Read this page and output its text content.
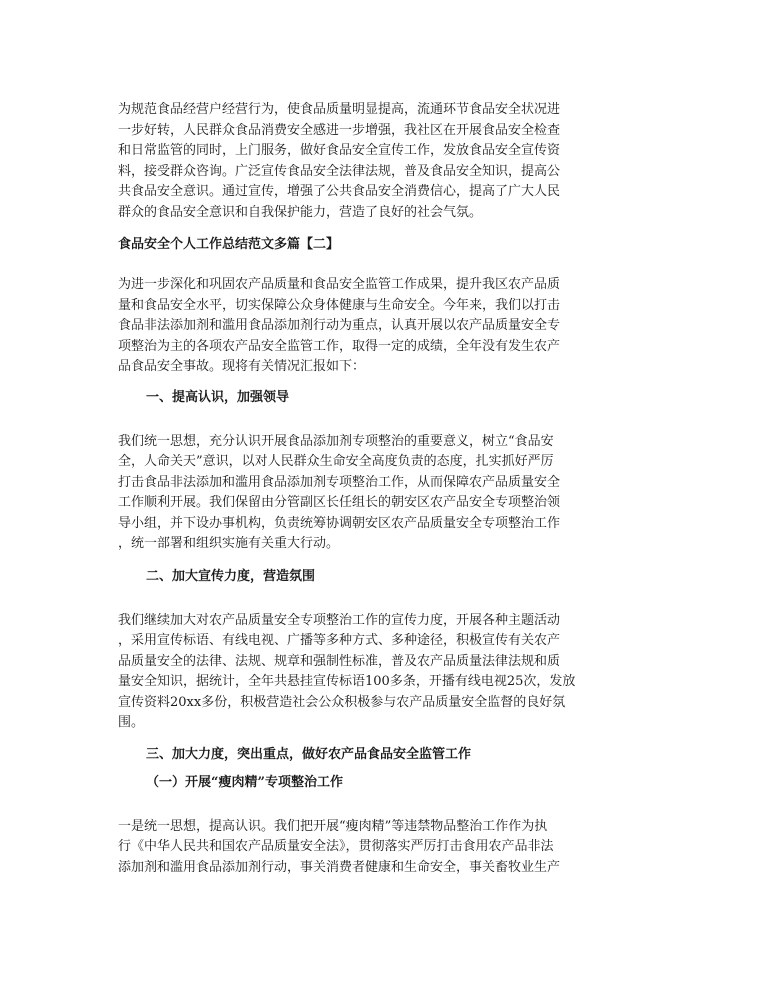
为规范食品经营户经营行为，使食品质量明显提高，流通环节食品安全状况进
一步好转，人民群众食品消费安全感进一步增强，我社区在开展食品安全检查
和日常监管的同时，上门服务，做好食品安全宣传工作，发放食品安全宣传资
料，接受群众咨询。广泛宣传食品安全法律法规，普及食品安全知识，提高公
共食品安全意识。通过宣传，增强了公共食品安全消费信心，提高了广大人民
群众的食品安全意识和自我保护能力，营造了良好的社会气氛。

食品安全个人工作总结范文多篇【二】

为进一步深化和巩固农产品质量和食品安全监管工作成果，提升我区农产品质
量和食品安全水平，切实保障公众身体健康与生命安全。今年来，我们以打击
食品非法添加剂和滥用食品添加剂行动为重点，认真开展以农产品质量安全专
项整治为主的各项农产品安全监管工作，取得一定的成绩，全年没有发生农产
品食品安全事故。现将有关情况汇报如下：

一、提高认识，加强领导

我们统一思想，充分认识开展食品添加剂专项整治的重要意义，树立“食品安
全，人命关天”意识，以对人民群众生命安全高度负责的态度，扎实抓好严厉
打击食品非法添加和滥用食品添加剂专项整治工作，从而保障农产品质量安全
工作顺利开展。我们保留由分管副区长任组长的朝安区农产品安全专项整治领
导小组，并下设办事机构，负责统筹协调朝安区农产品质量安全专项整治工作
，统一部署和组织实施有关重大行动。

二、加大宣传力度，营造氛围

我们继续加大对农产品质量安全专项整治工作的宣传力度，开展各种主题活动
，采用宣传标语、有线电视、广播等多种方式、多种途径，积极宣传有关农产
品质量安全的法律、法规、规章和强制性标准，普及农产品质量法律法规和质
量安全知识，据统计，全年共悬挂宣传标语100多条，开播有线电视25次，发放
宣传资料20xx多份，积极营造社会公众积极参与农产品质量安全监督的良好氛
围。

三、加大力度，突出重点，做好农产品食品安全监管工作

（一）开展“瘦肉精”专项整治工作

一是统一思想，提高认识。我们把开展“瘦肉精”等违禁物品整治工作作为执
行《中华人民共和国农产品质量安全法》，贯彻落实严厉打击食用农产品非法
添加剂和滥用食品添加剂行动，事关消费者健康和生命安全，事关畜牧业生产
